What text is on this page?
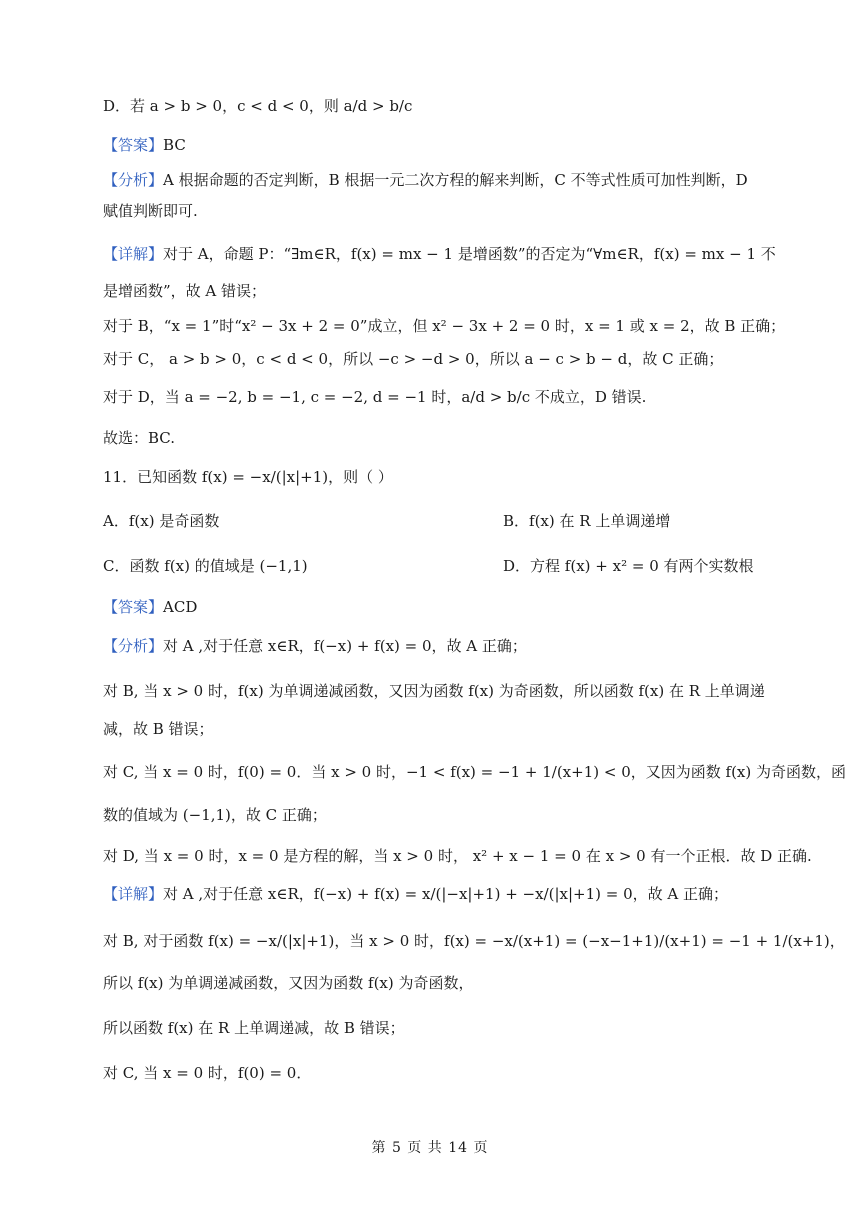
D．若 a > b > 0，c < d < 0，则 a/d > b/c
【答案】BC
【分析】A 根据命题的否定判断，B 根据一元二次方程的解来判断，C 不等式性质可加性判断，D
赋值判断即可.
【详解】对于 A，命题 P：“∃m∈R，f(x) = mx − 1 是增函数”的否定为“∀m∈R，f(x) = mx − 1 不
是增函数”，故 A 错误；
对于 B，“x = 1”时“x² − 3x + 2 = 0”成立，但 x² − 3x + 2 = 0 时，x = 1 或 x = 2，故 B 正确；
对于 C， a > b > 0，c < d < 0，所以 −c > −d > 0，所以 a − c > b − d，故 C 正确；
对于 D，当 a = −2, b = −1, c = −2, d = −1 时，a/d > b/c 不成立，D 错误.
故选：BC.
11．已知函数 f(x) = −x/(|x|+1)，则（ ）
A．f(x) 是奇函数	B．f(x) 在 R 上单调递增
C．函数 f(x) 的值域是 (−1,1)	D．方程 f(x) + x² = 0 有两个实数根
【答案】ACD
【分析】对 A ,对于任意 x∈R，f(−x) + f(x) = 0，故 A 正确；
对 B, 当 x > 0 时，f(x) 为单调递减函数，又因为函数 f(x) 为奇函数，所以函数 f(x) 在 R 上单调递
减，故 B 错误；
对 C, 当 x = 0 时，f(0) = 0．当 x > 0 时，−1 < f(x) = −1 + 1/(x+1) < 0，又因为函数 f(x) 为奇函数，函
数的值域为 (−1,1)，故 C 正确；
对 D, 当 x = 0 时，x = 0 是方程的解，当 x > 0 时， x² + x − 1 = 0 在 x > 0 有一个正根．故 D 正确.
【详解】对 A ,对于任意 x∈R，f(−x) + f(x) = x/(|−x|+1) + −x/(|x|+1) = 0，故 A 正确；
对 B, 对于函数 f(x) = −x/(|x|+1)，当 x > 0 时，f(x) = −x/(x+1) = (−x−1+1)/(x+1) = −1 + 1/(x+1)，
所以 f(x) 为单调递减函数，又因为函数 f(x) 为奇函数，
所以函数 f(x) 在 R 上单调递减，故 B 错误；
对 C, 当 x = 0 时，f(0) = 0．
第 5 页 共 14 页
